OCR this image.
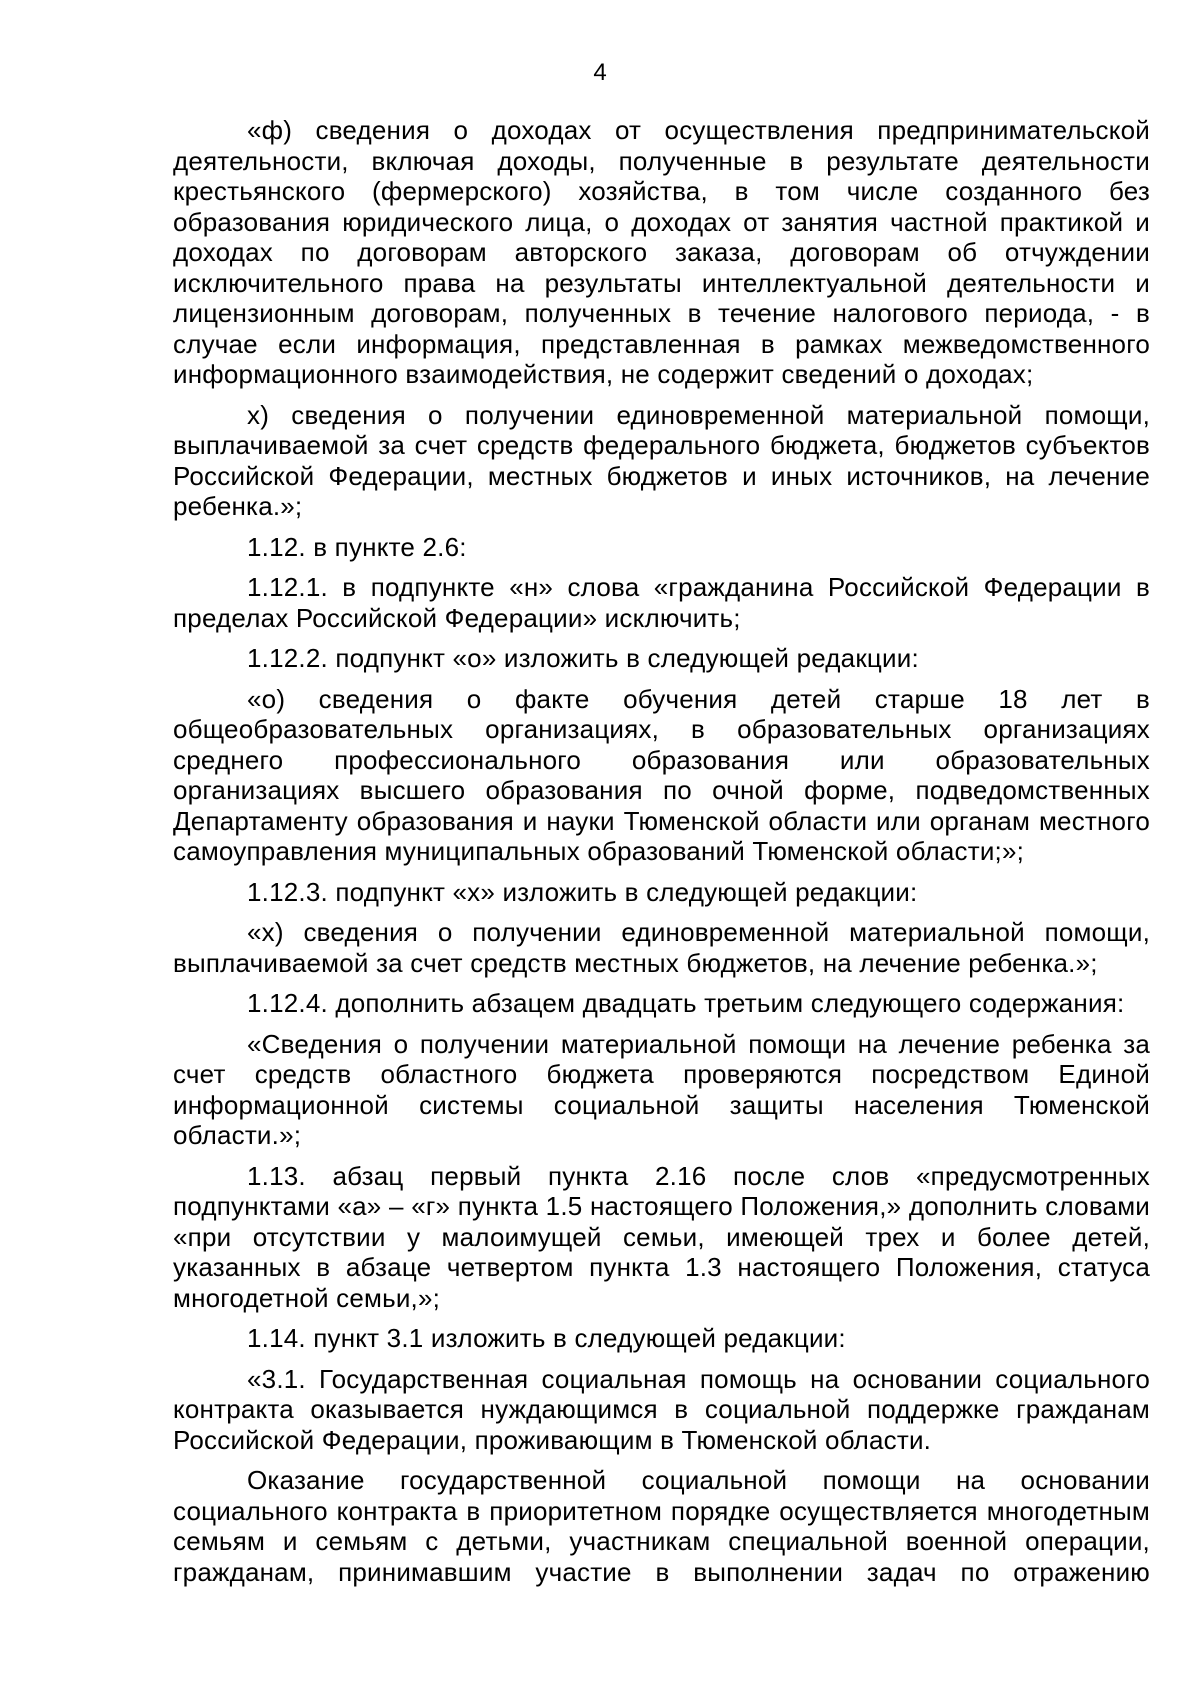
4

«ф) сведения о доходах от осуществления предпринимательской деятельности, включая доходы, полученные в результате деятельности крестьянского (фермерского) хозяйства, в том числе созданного без образования юридического лица, о доходах от занятия частной практикой и доходах по договорам авторского заказа, договорам об отчуждении исключительного права на результаты интеллектуальной деятельности и лицензионным договорам, полученных в течение налогового периода, - в случае если информация, представленная в рамках межведомственного информационного взаимодействия, не содержит сведений о доходах;

х) сведения о получении единовременной материальной помощи, выплачиваемой за счет средств федерального бюджета, бюджетов субъектов Российской Федерации, местных бюджетов и иных источников, на лечение ребенка.»;

1.12. в пункте 2.6:

1.12.1. в подпункте «н» слова «гражданина Российской Федерации в пределах Российской Федерации» исключить;

1.12.2. подпункт «о» изложить в следующей редакции:

«о) сведения о факте обучения детей старше 18 лет в общеобразовательных организациях, в образовательных организациях среднего профессионального образования или образовательных организациях высшего образования по очной форме, подведомственных Департаменту образования и науки Тюменской области или органам местного самоуправления муниципальных образований Тюменской области;»;

1.12.3. подпункт «х» изложить в следующей редакции:

«х) сведения о получении единовременной материальной помощи, выплачиваемой за счет средств местных бюджетов, на лечение ребенка.»;

1.12.4. дополнить абзацем двадцать третьим следующего содержания:

«Сведения о получении материальной помощи на лечение ребенка за счет средств областного бюджета проверяются посредством Единой информационной системы социальной защиты населения Тюменской области.»;

1.13. абзац первый пункта 2.16 после слов «предусмотренных подпунктами «а» – «г» пункта 1.5 настоящего Положения,» дополнить словами «при отсутствии у малоимущей семьи, имеющей трех и более детей, указанных в абзаце четвертом пункта 1.3 настоящего Положения, статуса многодетной семьи,»;

1.14. пункт 3.1 изложить в следующей редакции:

«3.1. Государственная социальная помощь на основании социального контракта оказывается нуждающимся в социальной поддержке гражданам Российской Федерации, проживающим в Тюменской области.

Оказание государственной социальной помощи на основании социального контракта в приоритетном порядке осуществляется многодетным семьям и семьям с детьми, участникам специальной военной операции, гражданам, принимавшим участие в выполнении задач по отражению
